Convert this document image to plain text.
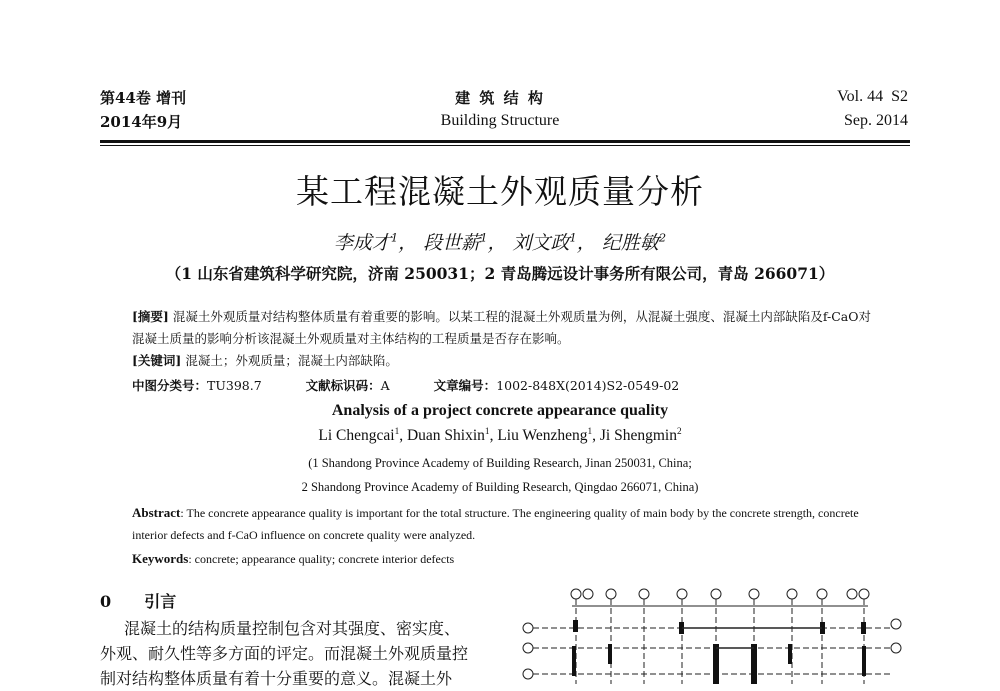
第44卷 增刊
2014年9月
建 筑 结 构
Building Structure
Vol. 44  S2
Sep. 2014
某工程混凝土外观质量分析
李成才$^1$， 段世薪$^1$， 刘文政$^1$， 纪胜敏$^2$
（1 山东省建筑科学研究院，济南 250031；2 青岛腾远设计事务所有限公司，青岛 266071）
[摘要] 混凝土外观质量对结构整体质量有着重要的影响。以某工程的混凝土外观质量为例，从混凝土强度、混凝土内部缺陷及f-CaO对混凝土质量的影响分析该混凝土外观质量对主体结构的工程质量是否存在影响。
[关键词] 混凝土；外观质量；混凝土内部缺陷。
中图分类号：TU398.7	文献标识码：A	文章编号：1002-848X(2014)S2-0549-02
Analysis of a project concrete appearance quality
Li Chengcai$^1$, Duan Shixin$^1$, Liu Wenzheng$^1$, Ji Shengmin$^2$
(1 Shandong Province Academy of Building Research, Jinan 250031, China;
2 Shandong Province Academy of Building Research, Qingdao 266071, China)
Abstract: The concrete appearance quality is important for the total structure. The engineering quality of main body by the concrete strength, concrete interior defects and f-CaO influence on concrete quality were analyzed.
Keywords: concrete; appearance quality; concrete interior defects
0 引言
混凝土的结构质量控制包含对其强度、密实度、
外观、耐久性等多方面的评定。而混凝土外观质量控
制对结构整体质量有着十分重要的意义。混凝土外
